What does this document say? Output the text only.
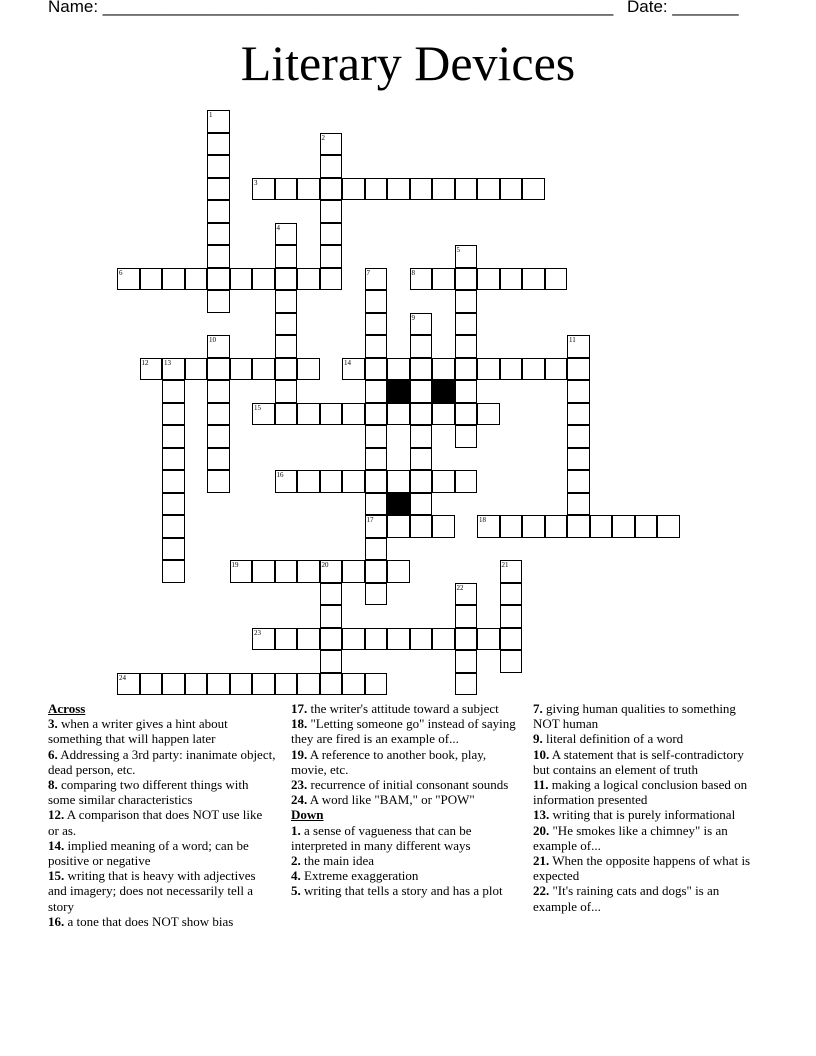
Name: ______________________________________________________ Date: _______
Literary Devices
1
2
3
4
5
6	7
17
8
9
10	11
12 13	14
15
16
18
19	20	21
22
23
24
Across
3. when a writer gives a hint about something that will happen later
6. Addressing a 3rd party: inanimate object, dead person, etc.
8. comparing two different things with some similar characteristics
12. A comparison that does NOT use like or as.
14. implied meaning of a word; can be positive or negative
15. writing that is heavy with adjectives and imagery; does not necessarily tell a story
16. a tone that does NOT show bias
17. the writer's attitude toward a subject
18. "Letting someone go" instead of saying they are fired is an example of...
19. A reference to another book, play, movie, etc.
23. recurrence of initial consonant sounds
24. A word like "BAM," or "POW"
Down
1. a sense of vagueness that can be interpreted in many different ways
2. the main idea
4. Extreme exaggeration
5. writing that tells a story and has a plot
7. giving human qualities to something NOT human
9. literal definition of a word
10. A statement that is self-contradictory but contains an element of truth
11. making a logical conclusion based on information presented
13. writing that is purely informational
20. "He smokes like a chimney" is an example of...
21. When the opposite happens of what is expected
22. "It's raining cats and dogs" is an example of...
